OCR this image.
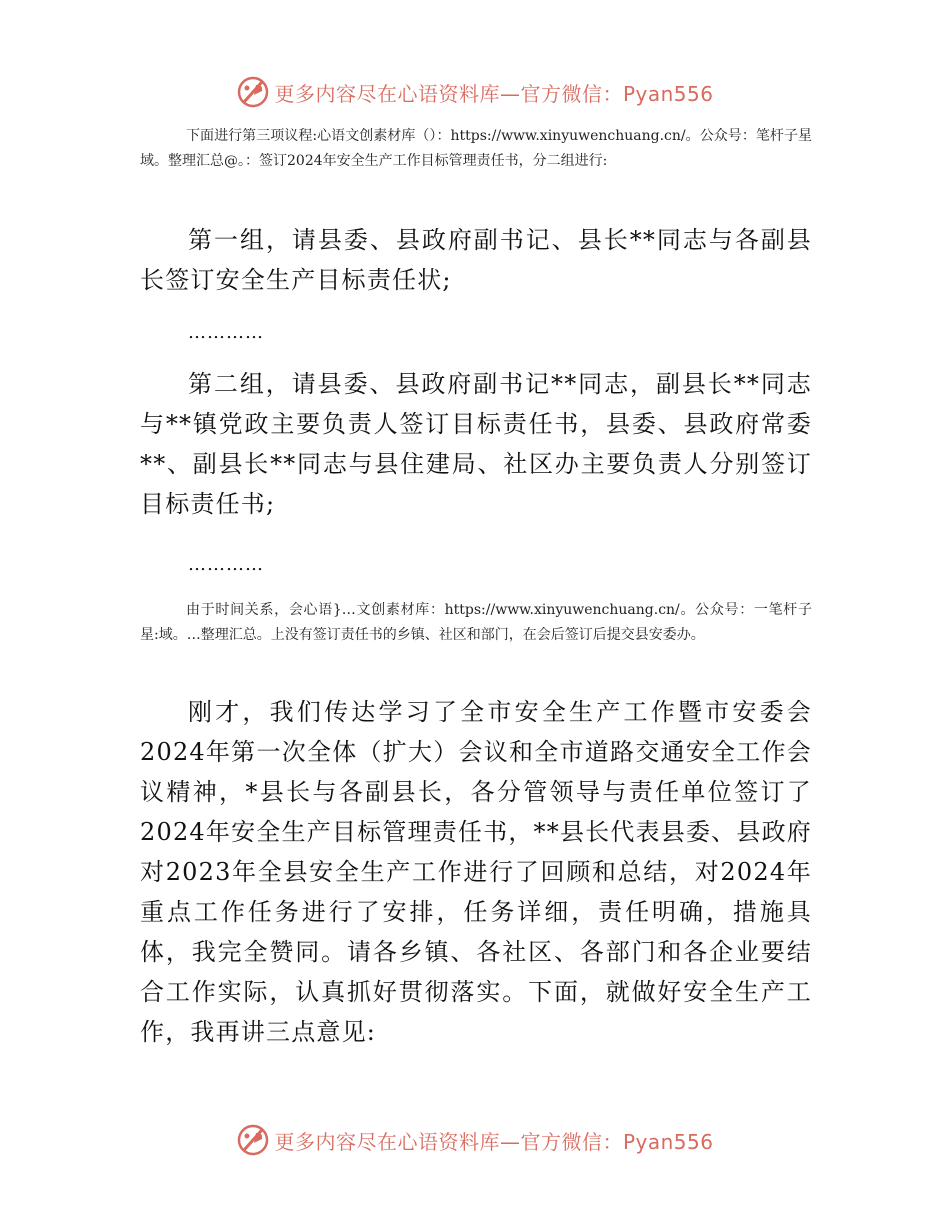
更多内容尽在心语资料库—官方微信：Pyan556

下面进行第三项议程:心语文创素材库（）：https://www.xinyuwenchuang.cn/。公众号：笔杆子星域。整理汇总@。：签订2024年安全生产工作目标管理责任书，分二组进行:

第一组，请县委、县政府副书记、县长**同志与各副县长签订安全生产目标责任状;

…………

第二组，请县委、县政府副书记**同志，副县长**同志与**镇党政主要负责人签订目标责任书，县委、县政府常委**、副县长**同志与县住建局、社区办主要负责人分别签订目标责任书;

…………

由于时间关系，会心语}…文创素材库：https://www.xinyuwenchuang.cn/。公众号：一笔杆子星:域。…整理汇总。上没有签订责任书的乡镇、社区和部门，在会后签订后提交县安委办。

刚才，我们传达学习了全市安全生产工作暨市安委会2024年第一次全体（扩大）会议和全市道路交通安全工作会议精神，*县长与各副县长，各分管领导与责任单位签订了2024年安全生产目标管理责任书，**县长代表县委、县政府对2023年全县安全生产工作进行了回顾和总结，对2024年重点工作任务进行了安排，任务详细，责任明确，措施具体，我完全赞同。请各乡镇、各社区、各部门和各企业要结合工作实际，认真抓好贯彻落实。下面，就做好安全生产工作，我再讲三点意见:

更多内容尽在心语资料库—官方微信：Pyan556
